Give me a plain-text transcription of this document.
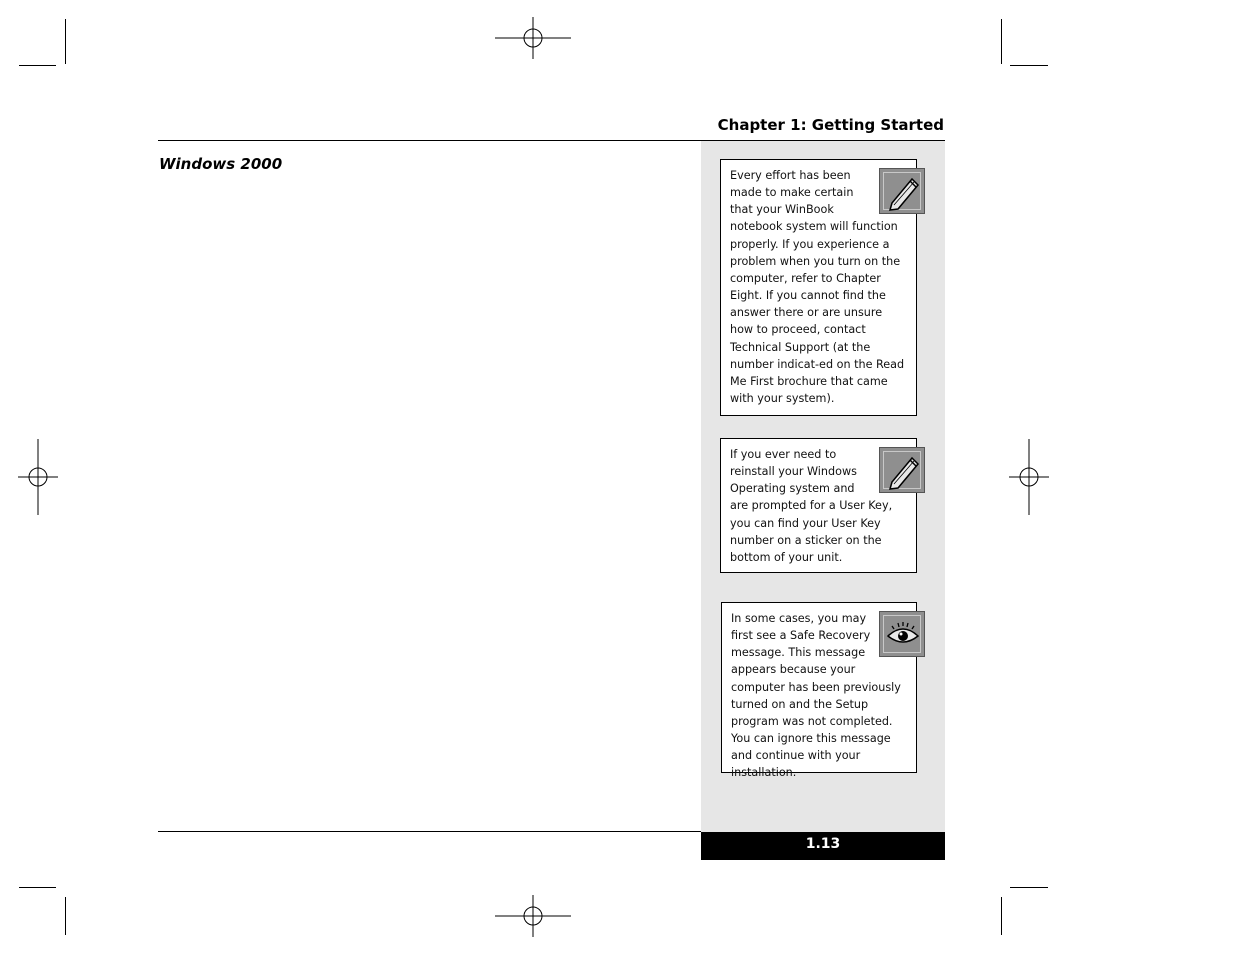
Chapter 1: Getting Started
Windows 2000

Every effort has been made to make certain that your WinBook notebook system will function properly. If you experience a problem when you turn on the computer, refer to Chapter Eight. If you cannot find the answer there or are unsure how to proceed, contact Technical Support (at the number indicat-ed on the Read Me First brochure that came with your system).

If you ever need to reinstall your Windows Operating system and are prompted for a User Key, you can find your User Key number on a sticker on the bottom of your unit.

In some cases, you may first see a Safe Recovery message. This message appears because your computer has been previously turned on and the Setup program was not completed. You can ignore this message and continue with your installation.

1.13
